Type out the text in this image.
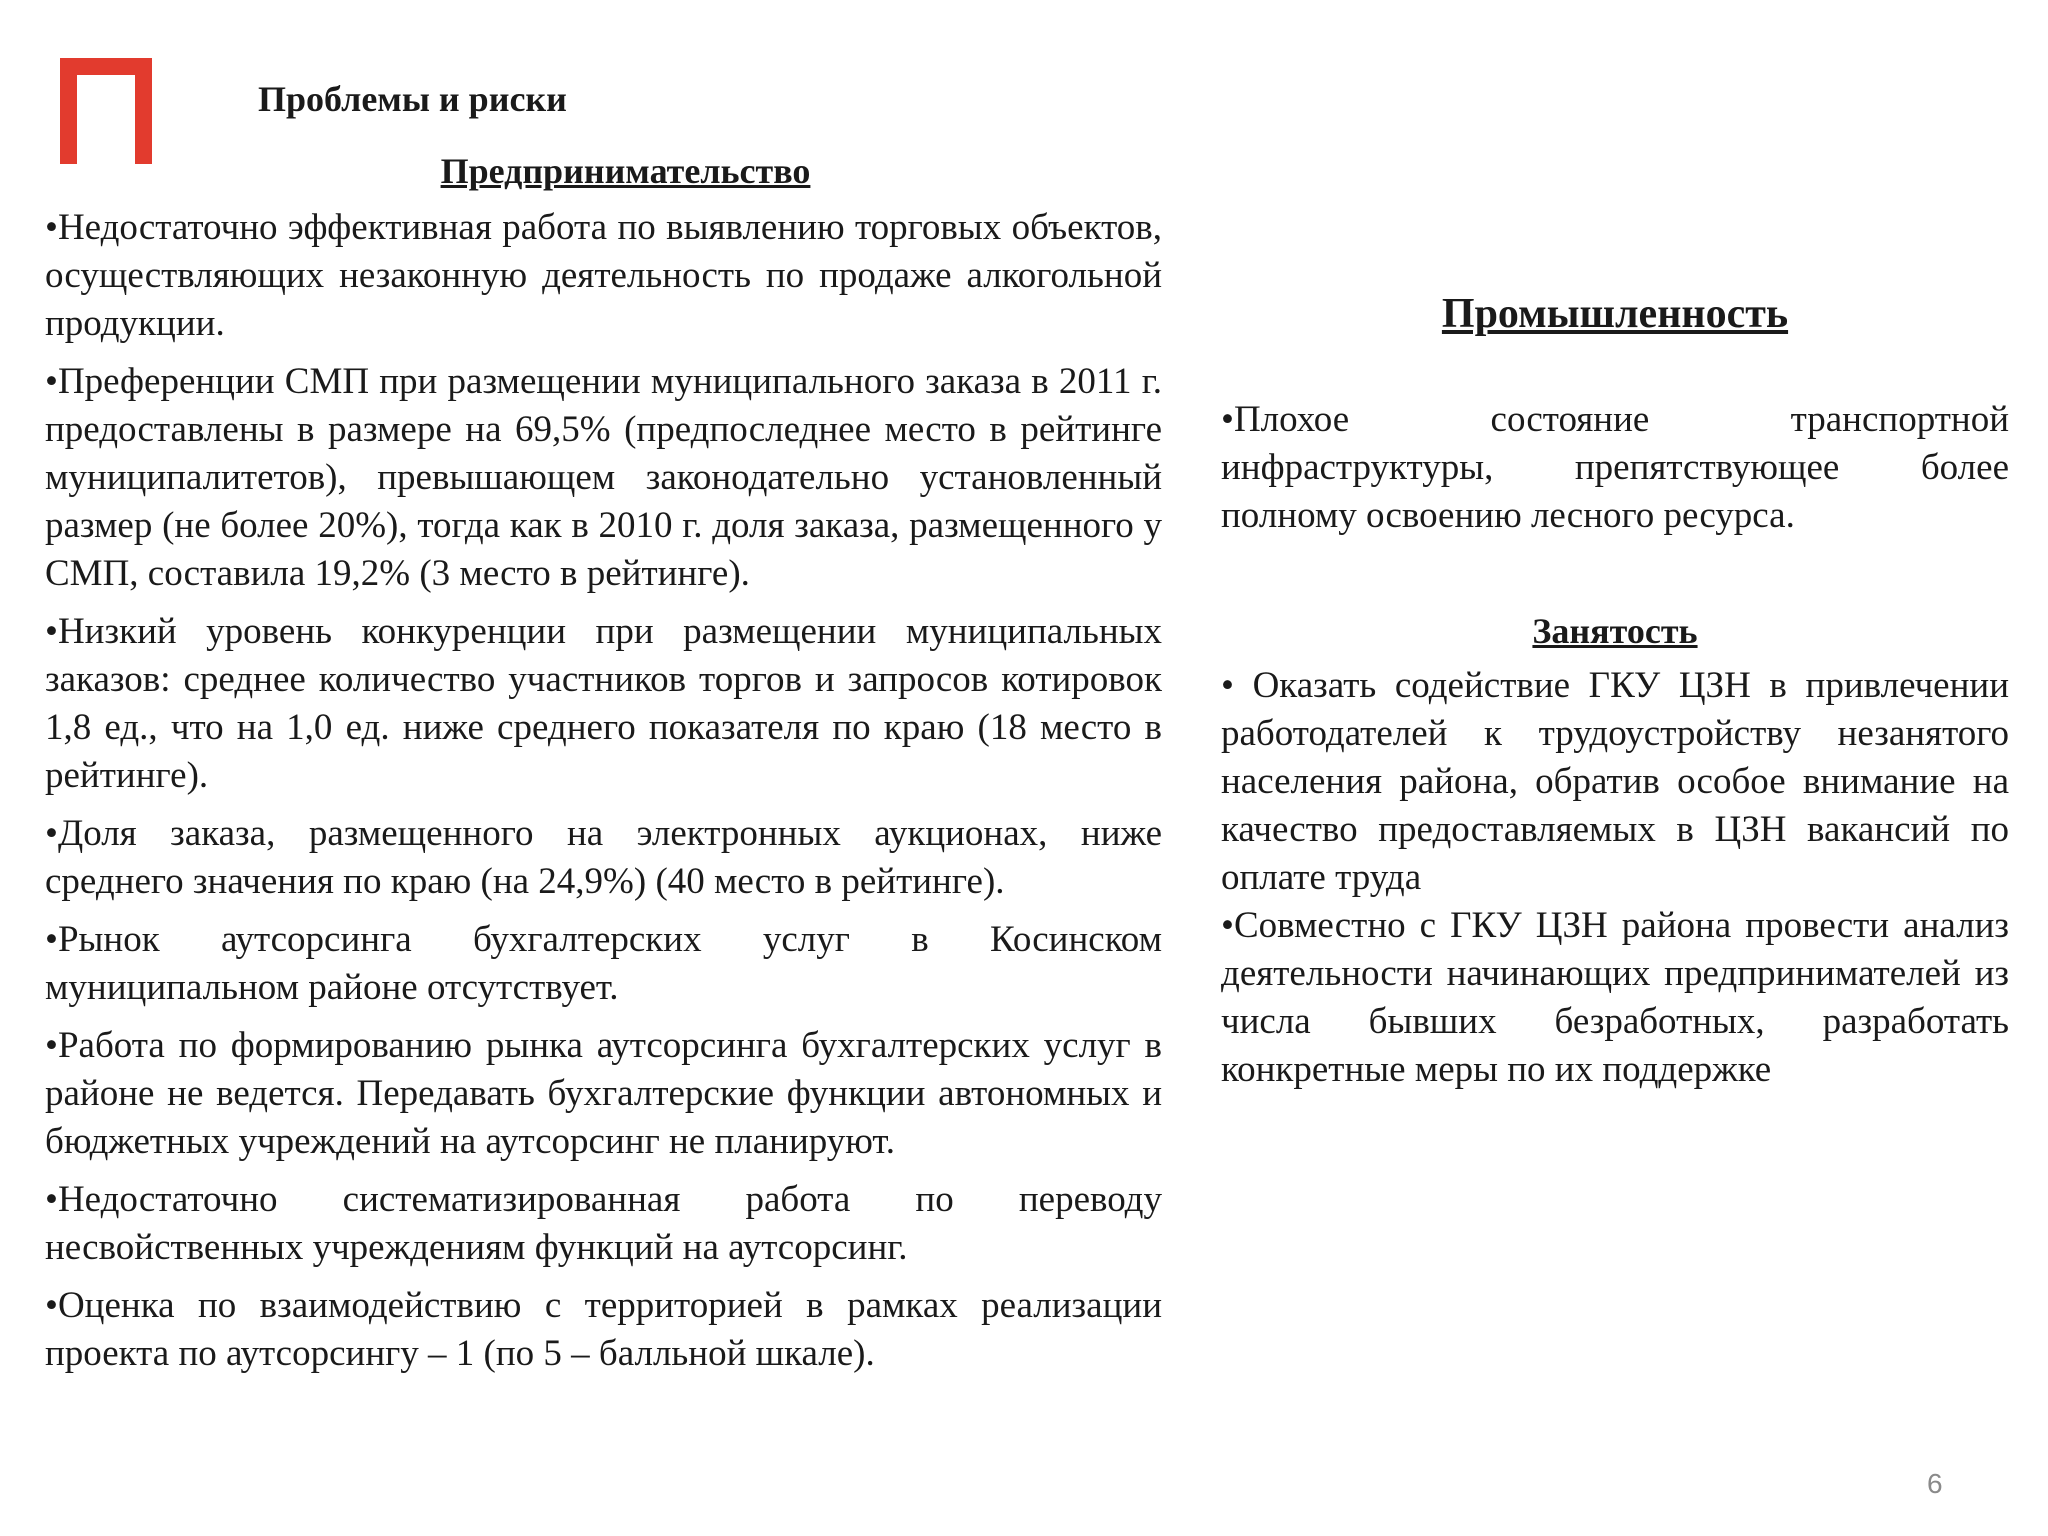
Проблемы и риски
Предпринимательство

•Недостаточно эффективная работа по выявлению торговых объектов, осуществляющих незаконную деятельность по продаже алкогольной продукции.

•Преференции СМП при размещении муниципального заказа в 2011 г. предоставлены в размере на 69,5% (предпоследнее место в рейтинге муниципалитетов), превышающем законодательно установленный размер (не более 20%), тогда как в 2010 г. доля заказа, размещенного у СМП, составила 19,2% (3 место в рейтинге).

•Низкий уровень конкуренции при размещении муниципальных заказов: среднее количество участников торгов и запросов котировок 1,8 ед., что на 1,0 ед. ниже среднего показателя по краю (18 место в рейтинге).

•Доля заказа, размещенного на электронных аукционах, ниже среднего значения по краю (на 24,9%) (40 место в рейтинге).

•Рынок аутсорсинга бухгалтерских услуг в Косинском муниципальном районе отсутствует.

•Работа по формированию рынка аутсорсинга бухгалтерских услуг в районе не ведется. Передавать бухгалтерские функции автономных и бюджетных учреждений на аутсорсинг не планируют.

•Недостаточно систематизированная работа по переводу несвойственных учреждениям функций на аутсорсинг.

•Оценка по взаимодействию с территорией в рамках реализации проекта по аутсорсингу – 1 (по 5 – балльной шкале).

Промышленность

•Плохое состояние транспортной инфраструктуры, препятствующее более полному освоению лесного ресурса.

Занятость

• Оказать содействие ГКУ ЦЗН в привлечении работодателей к трудоустройству незанятого населения района, обратив особое внимание на качество предоставляемых в ЦЗН вакансий по оплате труда

•Совместно с ГКУ ЦЗН района провести анализ деятельности начинающих предпринимателей из числа бывших безработных, разработать конкретные меры по их поддержке

6
